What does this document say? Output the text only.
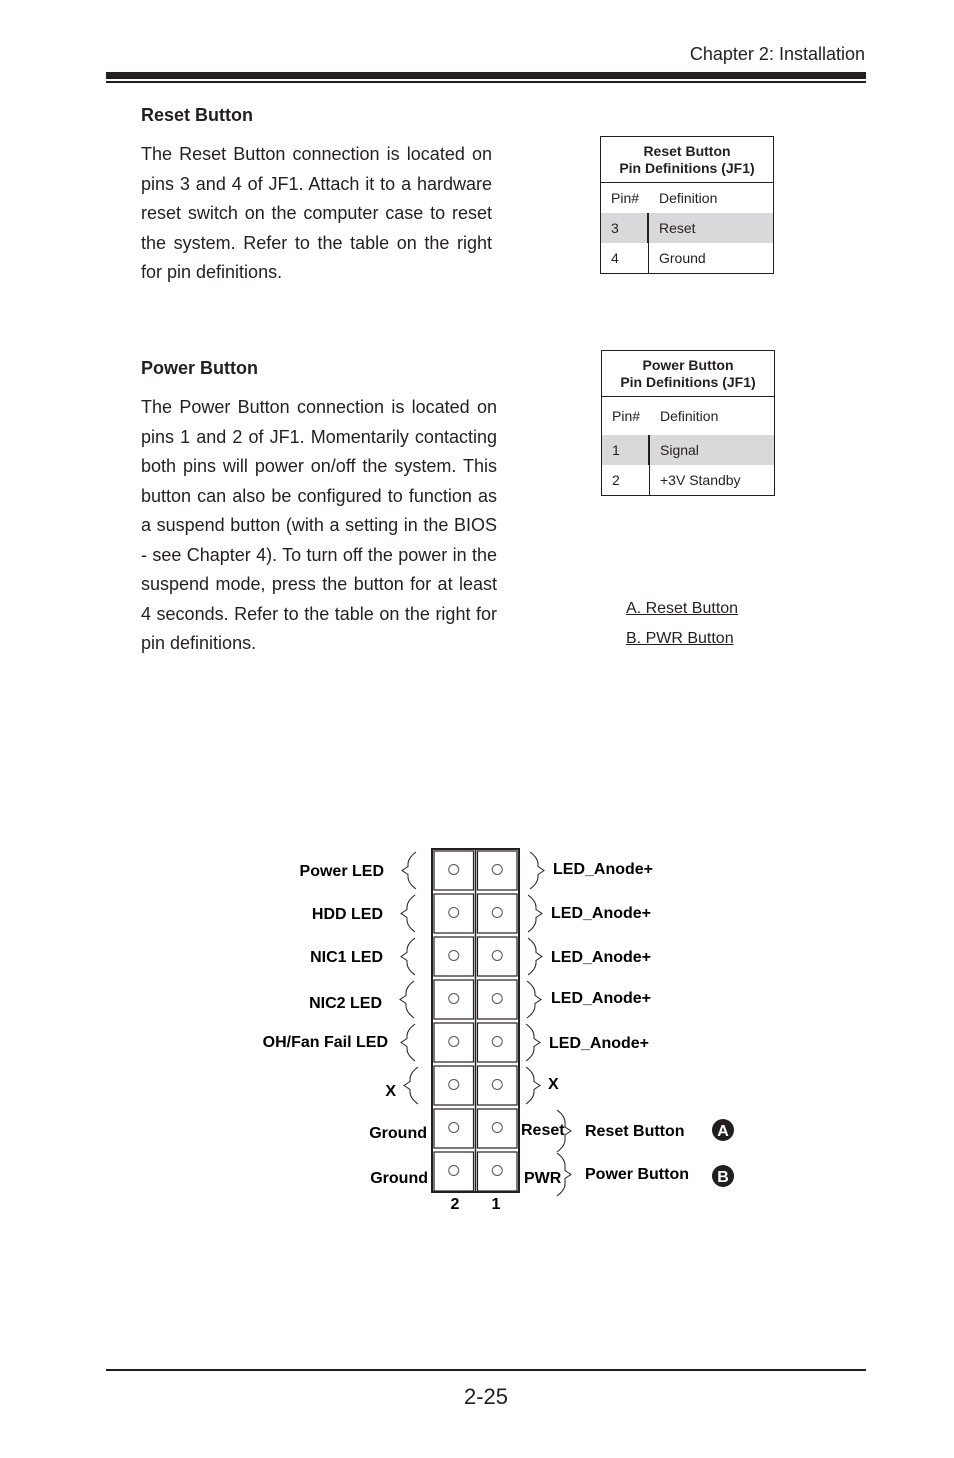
Chapter 2: Installation
Reset Button

The Reset Button connection is located on pins 3 and 4 of JF1. Attach it to a hardware reset switch on the computer case to reset the system. Refer to the table on the right for pin definitions.

Reset Button
Pin Definitions (JF1)
Pin#	Definition
3	Reset
4	Ground
Power Button

The Power Button connection is located on pins 1 and 2 of JF1. Momentarily contacting both pins will power on/off the system. This button can also be configured to function as a suspend button (with a setting in the BIOS - see Chapter 4). To turn off the power in the suspend mode, press the button for at least 4 seconds. Refer to the table on the right for pin definitions.

Power Button
Pin Definitions (JF1)
Pin#	Definition
1	Signal
2	+3V Standby
A. Reset Button
B. PWR Button
Power LED
HDD LED
NIC1 LED
NIC2 LED
OH/Fan Fail LED
X
Ground
Ground
LED_Anode+
LED_Anode+
LED_Anode+
LED_Anode+
LED_Anode+
X
Reset
PWR
Reset Button
Power Button
A
B
2 1
2-25
